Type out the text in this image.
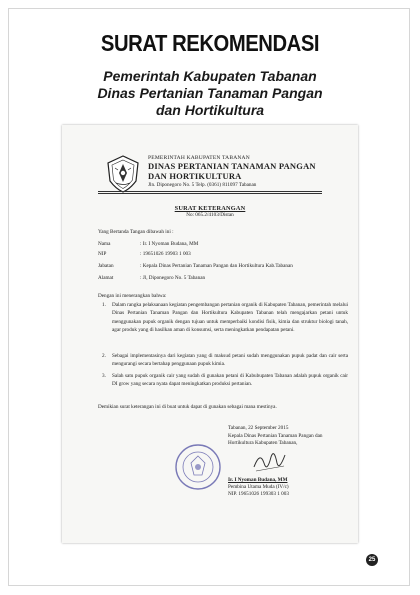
SURAT REKOMENDASI
Pemerintah Kabupaten Tabanan
Dinas Pertanian Tanaman Pangan
dan Hortikultura
PEMERINTAH KABUPATEN TABANAN
DINAS PERTANIAN TANAMAN PANGAN
DAN HORTIKULTURA
Jln. Diponegoro No. 5 Telp. (0361) 811097 Tabanan
SURAT KETERANGAN
No: 065.2/4103/Distan
Yang Bertanda Tangan dibawah ini :
Nama	: Ir. I Nyoman Budana, MM
NIP	: 19651026 19903 1 003
Jabatan	: Kepala Dinas Pertanian Tanaman Pangan dan Hortikultura Kab.Tabanan
Alamat	: Jl, Diponegoro No. 5 Tabanan
Dengan ini menerangkan bahwa:
1. Dalam rangka pelaksanaan kegiatan pengembangan pertanian organik di Kabupaten Tabanan, pemerintah melalui Dinas Pertanian Tanaman Pangan dan Hortikultura Kabupaten Tabanan telah mengajarkan petani untuk menggunakan pupuk organik dengan tujuan untuk memperbaiki kondisi fisik, kimia dan struktur biologi tanah, agar produk yang di hasilkan aman di konsumsi, serta meningkatkan pendapatan petani.
2. Sebagai implementasinya dari kegiatan yang di maksud petani sudah menggunakan pupuk padat dan cair serta mengurangi secara bertahap penggunaan pupuk kimia.
3. Salah satu pupuk organik cair yang sudah di gunakan petani di Kabubupaten Tabanan adalah pupuk organik cair DI grow yang secara nyata dapat meningkatkan produksi pertanian.
Demikian surat keterangan ini di buat untuk dapat di gunakan sebagai mana mestinya.
Tabanan, 22 September 2015
Kepala Dinas Pertanian Tanaman Pangan dan
Hortikultura Kabupaten Tabanan,
Ir. I Nyoman Budana, MM
Pembina Utama Muda (IV/c)
NIP. 19651026 199303 1 003
25
